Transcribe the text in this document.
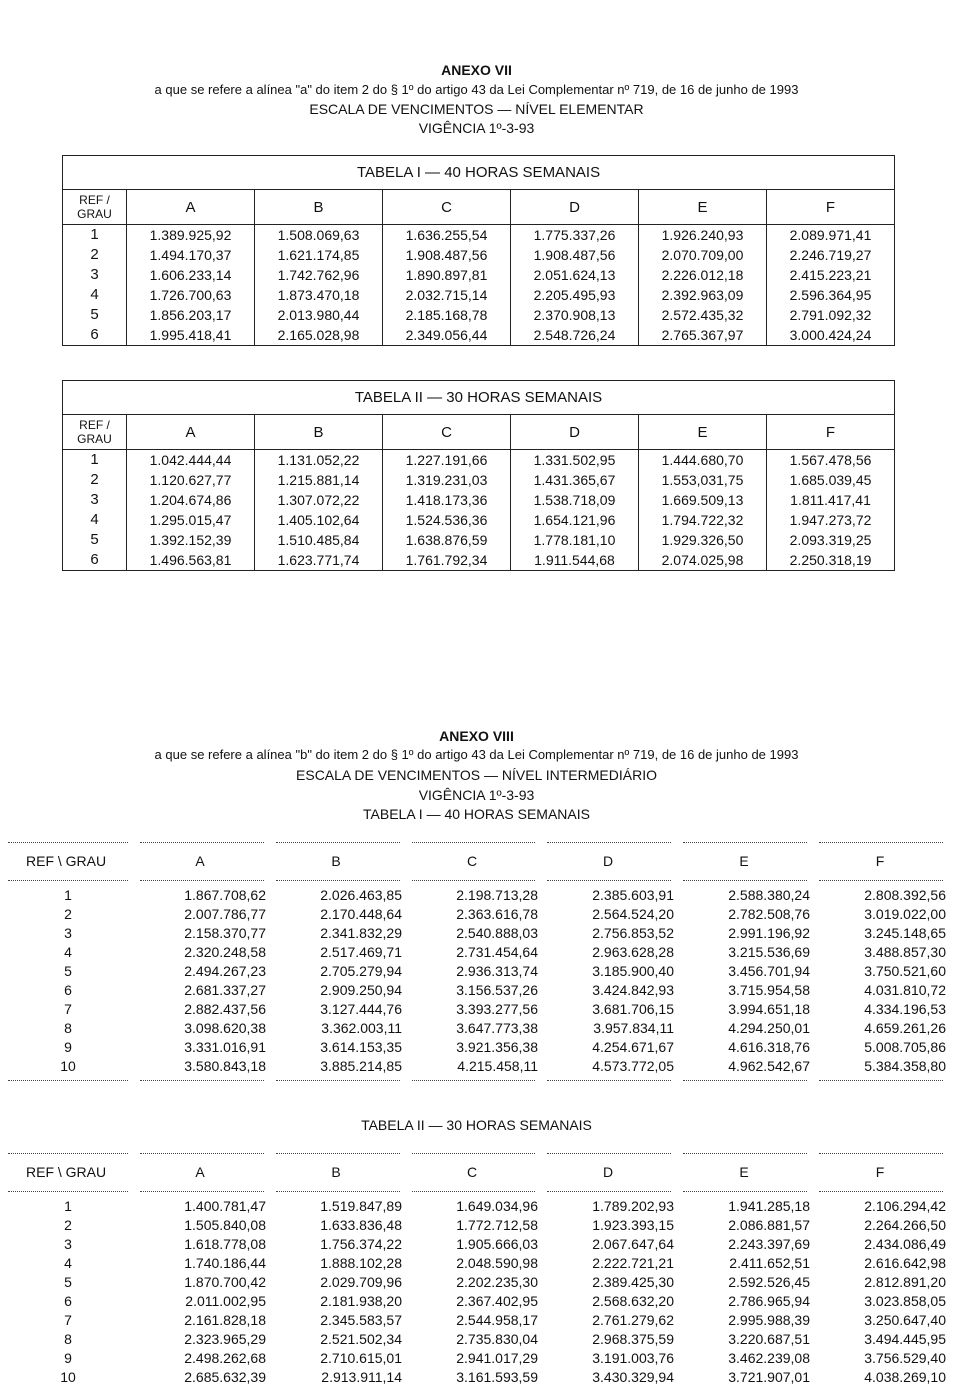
ANEXO VII
a que se refere a alínea "a" do item 2 do § 1º do artigo 43 da Lei Complementar nº 719, de 16 de junho de 1993
ESCALA DE VENCIMENTOS — NÍVEL ELEMENTAR
VIGÊNCIA 1º-3-93
TABELA I — 40 HORAS SEMANAIS						
REF / GRAU	A	B	C	D	E	F
1	1.389.925,92	1.508.069,63	1.636.255,54	1.775.337,26	1.926.240,93	2.089.971,41
2	1.494.170,37	1.621.174,85	1.908.487,56	1.908.487,56	2.070.709,00	2.246.719,27
3	1.606.233,14	1.742.762,96	1.890.897,81	2.051.624,13	2.226.012,18	2.415.223,21
4	1.726.700,63	1.873.470,18	2.032.715,14	2.205.495,93	2.392.963,09	2.596.364,95
5	1.856.203,17	2.013.980,44	2.185.168,78	2.370.908,13	2.572.435,32	2.791.092,32
6	1.995.418,41	2.165.028,98	2.349.056,44	2.548.726,24	2.765.367,97	3.000.424,24
TABELA II — 30 HORAS SEMANAIS						
REF / GRAU	A	B	C	D	E	F
1	1.042.444,44	1.131.052,22	1.227.191,66	1.331.502,95	1.444.680,70	1.567.478,56
2	1.120.627,77	1.215.881,14	1.319.231,03	1.431.365,67	1.553,031,75	1.685.039,45
3	1.204.674,86	1.307.072,22	1.418.173,36	1.538.718,09	1.669.509,13	1.811.417,41
4	1.295.015,47	1.405.102,64	1.524.536,36	1.654.121,96	1.794.722,32	1.947.273,72
5	1.392.152,39	1.510.485,84	1.638.876,59	1.778.181,10	1.929.326,50	2.093.319,25
6	1.496.563,81	1.623.771,74	1.761.792,34	1.911.544,68	2.074.025,98	2.250.318,19
ANEXO VIII
a que se refere a alínea "b" do item 2 do § 1º do artigo 43 da Lei Complementar nº 719, de 16 de junho de 1993
ESCALA DE VENCIMENTOS — NÍVEL INTERMEDIÁRIO
VIGÊNCIA 1º-3-93
TABELA I — 40 HORAS SEMANAIS
REF \ GRAU	A	B	C	D	E	F
1	1.867.708,62	2.026.463,85	2.198.713,28	2.385.603,91	2.588.380,24	2.808.392,56
2	2.007.786,77	2.170.448,64	2.363.616,78	2.564.524,20	2.782.508,76	3.019.022,00
3	2.158.370,77	2.341.832,29	2.540.888,03	2.756.853,52	2.991.196,92	3.245.148,65
4	2.320.248,58	2.517.469,71	2.731.454,64	2.963.628,28	3.215.536,69	3.488.857,30
5	2.494.267,23	2.705.279,94	2.936.313,74	3.185.900,40	3.456.701,94	3.750.521,60
6	2.681.337,27	2.909.250,94	3.156.537,26	3.424.842,93	3.715.954,58	4.031.810,72
7	2.882.437,56	3.127.444,76	3.393.277,56	3.681.706,15	3.994.651,18	4.334.196,53
8	3.098.620,38	3.362.003,11	3.647.773,38	3.957.834,11	4.294.250,01	4.659.261,26
9	3.331.016,91	3.614.153,35	3.921.356,38	4.254.671,67	4.616.318,76	5.008.705,86
10	3.580.843,18	3.885.214,85	4.215.458,11	4.573.772,05	4.962.542,67	5.384.358,80
TABELA II — 30 HORAS SEMANAIS
REF \ GRAU	A	B	C	D	E	F
1	1.400.781,47	1.519.847,89	1.649.034,96	1.789.202,93	1.941.285,18	2.106.294,42
2	1.505.840,08	1.633.836,48	1.772.712,58	1.923.393,15	2.086.881,57	2.264.266,50
3	1.618.778,08	1.756.374,22	1.905.666,03	2.067.647,64	2.243.397,69	2.434.086,49
4	1.740.186,44	1.888.102,28	2.048.590,98	2.222.721,21	2.411.652,51	2.616.642,98
5	1.870.700,42	2.029.709,96	2.202.235,30	2.389.425,30	2.592.526,45	2.812.891,20
6	2.011.002,95	2.181.938,20	2.367.402,95	2.568.632,20	2.786.965,94	3.023.858,05
7	2.161.828,18	2.345.583,57	2.544.958,17	2.761.279,62	2.995.988,39	3.250.647,40
8	2.323.965,29	2.521.502,34	2.735.830,04	2.968.375,59	3.220.687,51	3.494.445,95
9	2.498.262,68	2.710.615,01	2.941.017,29	3.191.003,76	3.462.239,08	3.756.529,40
10	2.685.632,39	2.913.911,14	3.161.593,59	3.430.329,94	3.721.907,01	4.038.269,10
